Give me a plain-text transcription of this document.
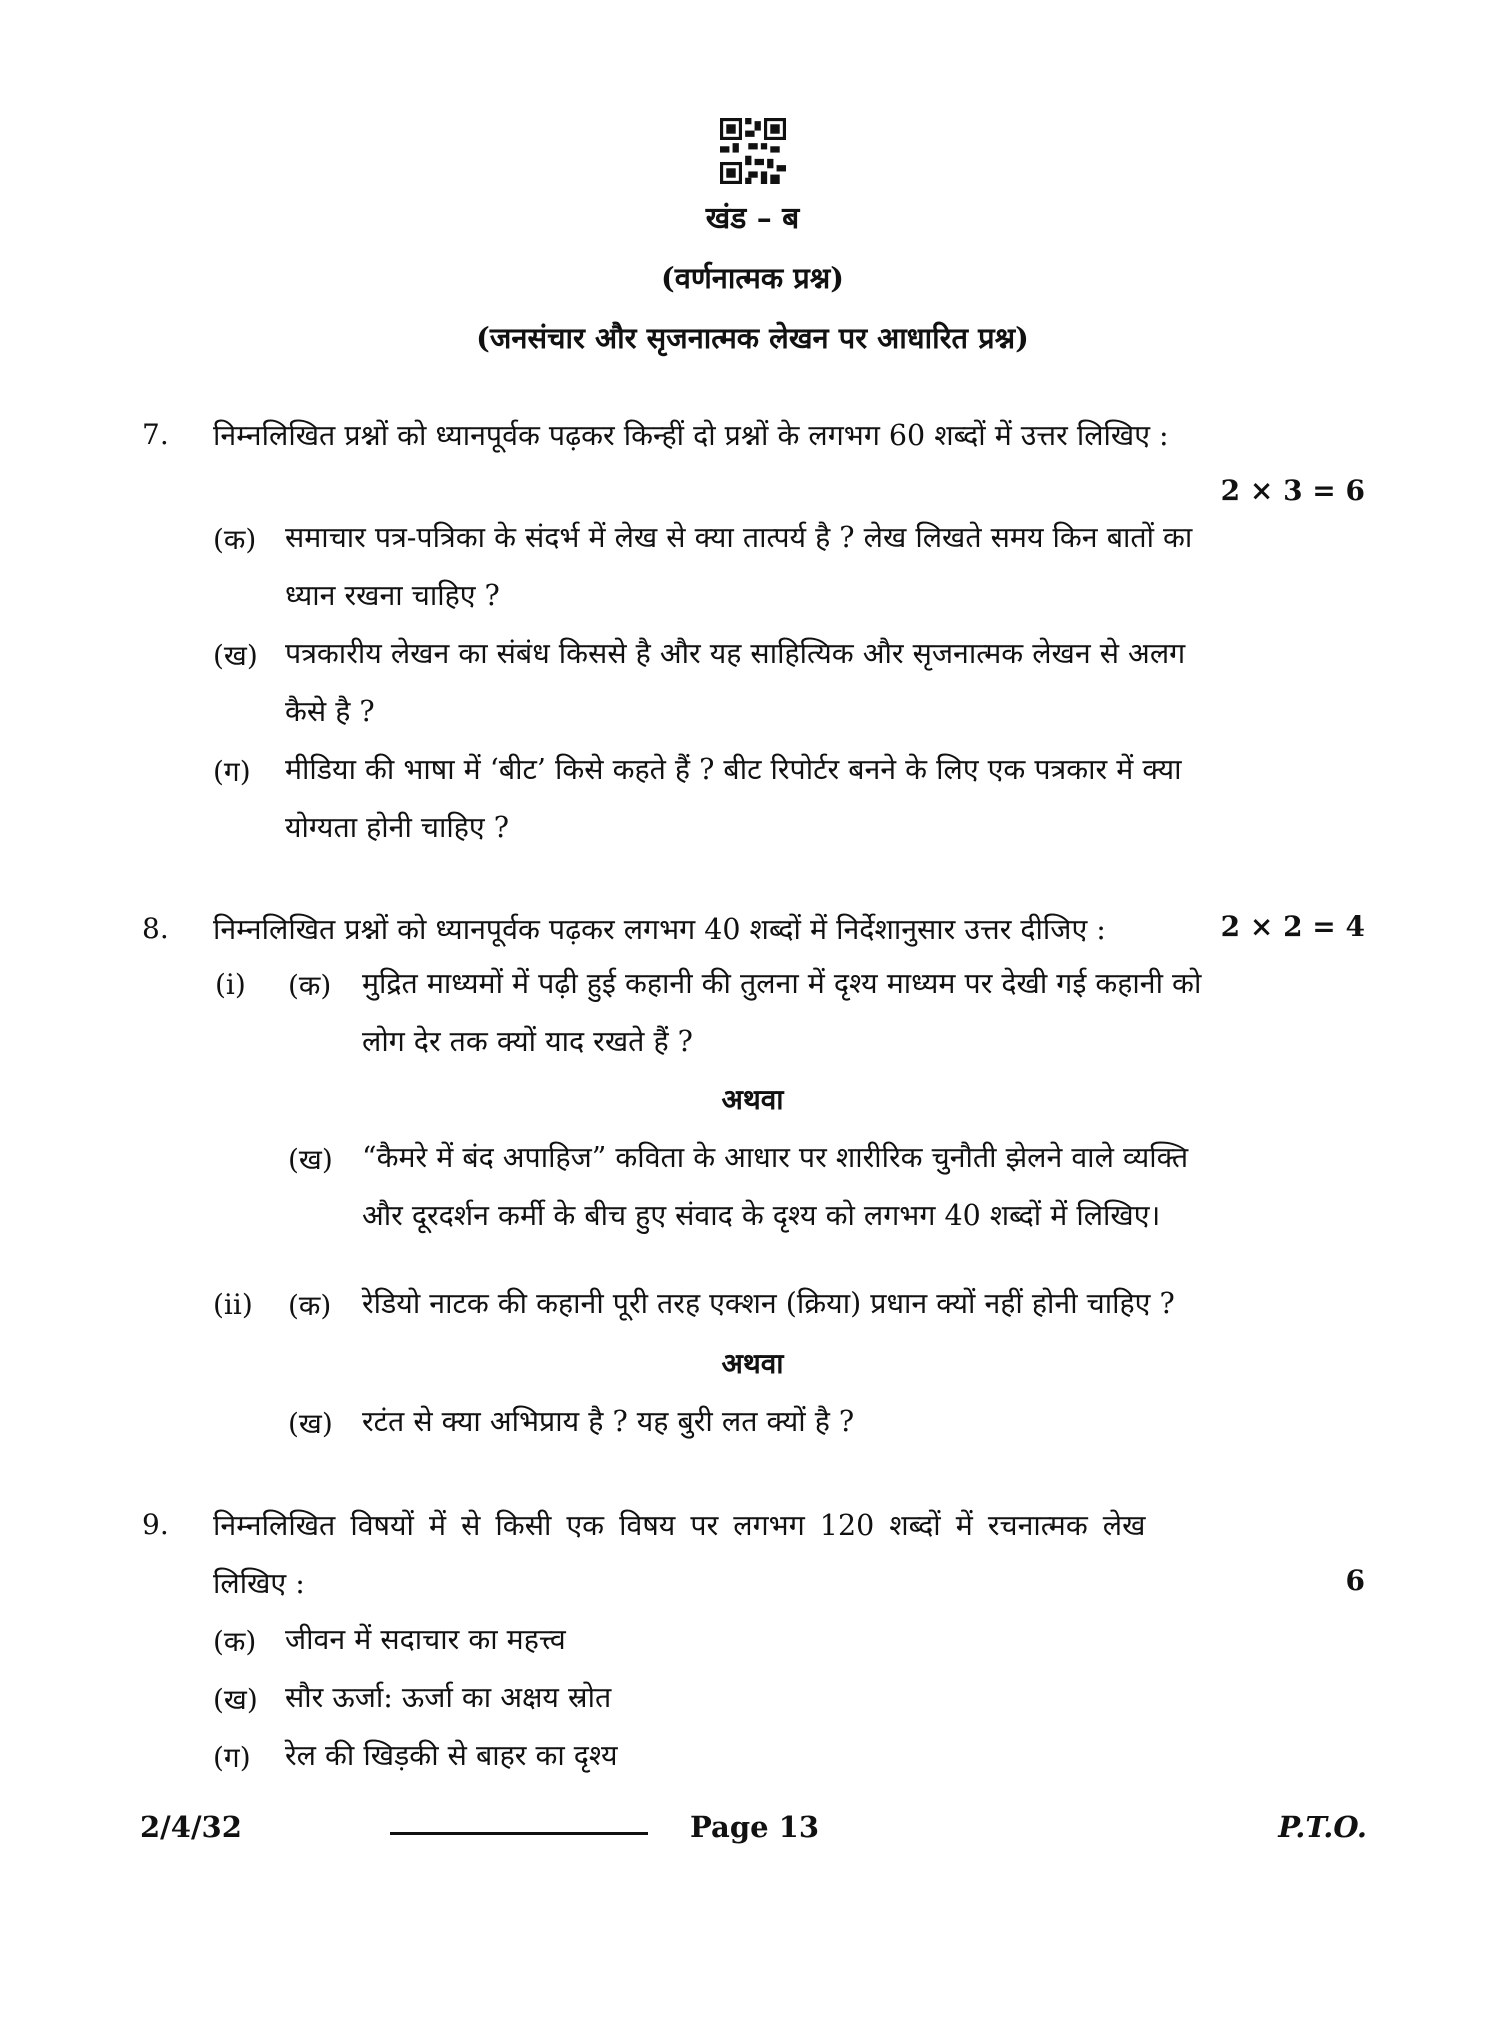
खंड – ब
(वर्णनात्मक प्रश्न)
(जनसंचार और सृजनात्मक लेखन पर आधारित प्रश्न)
7. निम्नलिखित प्रश्नों को ध्यानपूर्वक पढ़कर किन्हीं दो प्रश्नों के लगभग 60 शब्दों में उत्तर लिखिए :
2 × 3 = 6
(क) समाचार पत्र-पत्रिका के संदर्भ में लेख से क्या तात्पर्य है ? लेख लिखते समय किन बातों का
ध्यान रखना चाहिए ?
(ख) पत्रकारीय लेखन का संबंध किससे है और यह साहित्यिक और सृजनात्मक लेखन से अलग
कैसे है ?
(ग) मीडिया की भाषा में ‘बीट’ किसे कहते हैं ? बीट रिपोर्टर बनने के लिए एक पत्रकार में क्या
योग्यता होनी चाहिए ?
8. निम्नलिखित प्रश्नों को ध्यानपूर्वक पढ़कर लगभग 40 शब्दों में निर्देशानुसार उत्तर दीजिए :	2 × 2 = 4
(i) (क) मुद्रित माध्यमों में पढ़ी हुई कहानी की तुलना में दृश्य माध्यम पर देखी गई कहानी को
लोग देर तक क्यों याद रखते हैं ?
अथवा
(ख) “कैमरे में बंद अपाहिज” कविता के आधार पर शारीरिक चुनौती झेलने वाले व्यक्ति
और दूरदर्शन कर्मी के बीच हुए संवाद के दृश्य को लगभग 40 शब्दों में लिखिए।
(ii) (क) रेडियो नाटक की कहानी पूरी तरह एक्शन (क्रिया) प्रधान क्यों नहीं होनी चाहिए ?
अथवा
(ख) रटंत से क्या अभिप्राय है ? यह बुरी लत क्यों है ?
9. निम्नलिखित विषयों में से किसी एक विषय पर लगभग 120 शब्दों में रचनात्मक लेख
लिखिए :	6
(क) जीवन में सदाचार का महत्त्व
(ख) सौर ऊर्जा: ऊर्जा का अक्षय स्रोत
(ग) रेल की खिड़की से बाहर का दृश्य
2/4/32	Page 13	P.T.O.
